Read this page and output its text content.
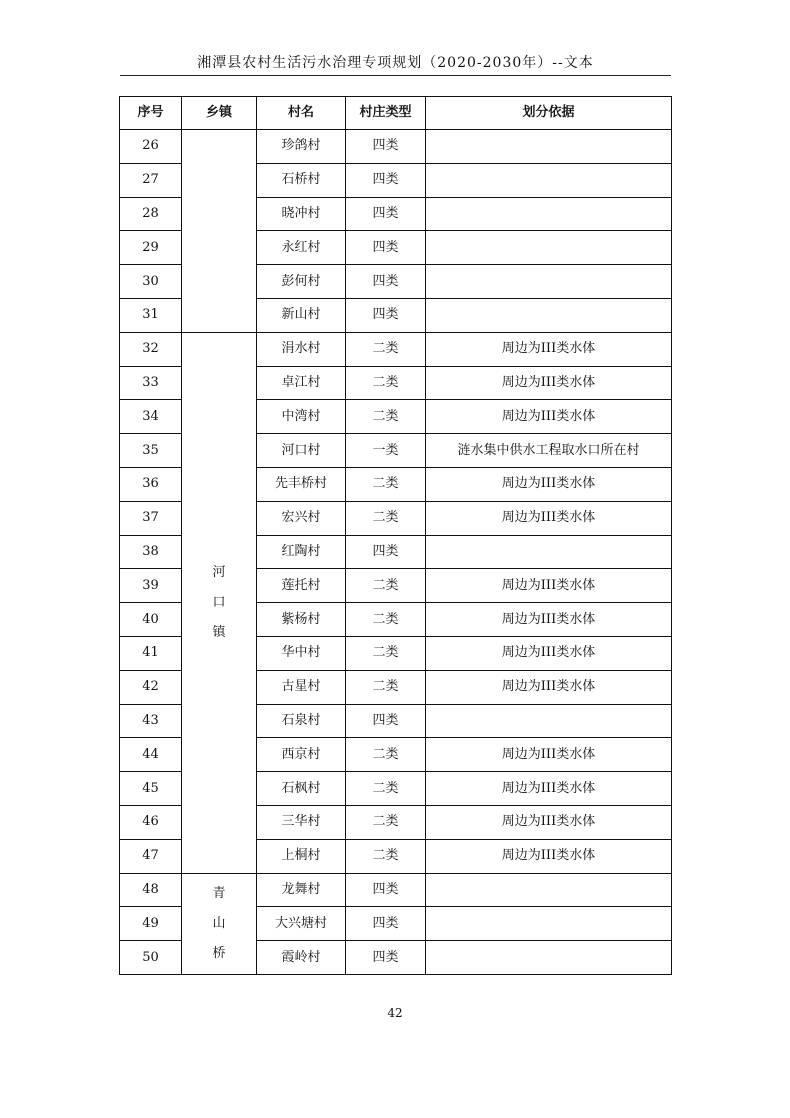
湘潭县农村生活污水治理专项规划（2020-2030年）--文本
序号	乡镇	村名	村庄类型	划分依据
26		珍鸽村	四类	
27		石桥村	四类	
28		晓冲村	四类	
29		永红村	四类	
30		彭何村	四类	
31		新山村	四类	
32	河
口
镇	涓水村	二类	周边为III类水体
33		卓江村	二类	周边为III类水体
34		中湾村	二类	周边为III类水体
35		河口村	一类	涟水集中供水工程取水口所在村
36		先丰桥村	二类	周边为III类水体
37		宏兴村	二类	周边为III类水体
38		红陶村	四类	
39		莲托村	二类	周边为III类水体
40		紫杨村	二类	周边为III类水体
41		华中村	二类	周边为III类水体
42		古星村	二类	周边为III类水体
43		石泉村	四类	
44		西京村	二类	周边为III类水体
45		石枫村	二类	周边为III类水体
46		三华村	二类	周边为III类水体
47		上桐村	二类	周边为III类水体
48	青
山
桥	龙舞村	四类	
49		大兴塘村	四类	
50		霞岭村	四类	
42
